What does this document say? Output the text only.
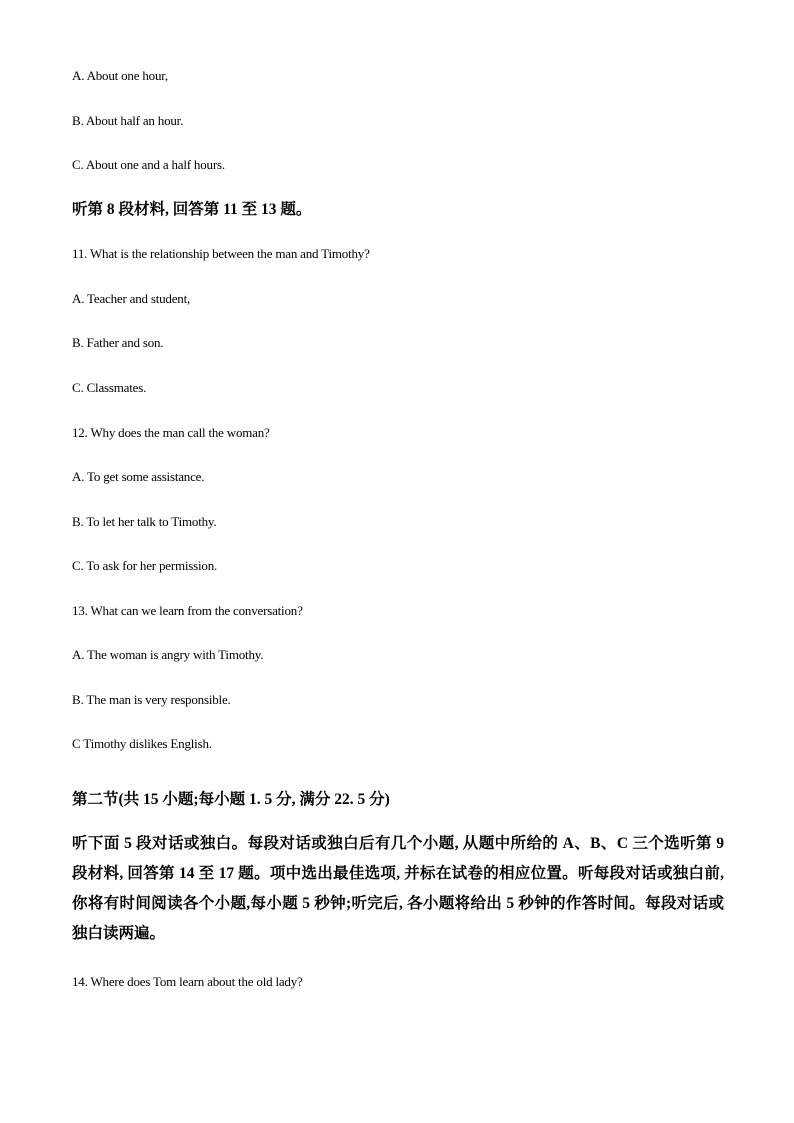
A. About one hour,
B. About half an hour.
C. About one and a half hours.
听第 8 段材料, 回答第 11 至 13 题。
11. What is the relationship between the man and Timothy?
A. Teacher and student,
B. Father and son.
C. Classmates.
12. Why does the man call the woman?
A. To get some assistance.
B. To let her talk to Timothy.
C. To ask for her permission.
13. What can we learn from the conversation?
A. The woman is angry with Timothy.
B. The man is very responsible.
C Timothy dislikes English.
第二节(共 15 小题;每小题 1. 5 分, 满分 22. 5 分)
听下面 5 段对话或独白。每段对话或独白后有几个小题, 从题中所给的 A、B、C 三个选听第 9 段材料, 回答第 14 至 17 题。项中选出最佳选项, 并标在试卷的相应位置。听每段对话或独白前, 你将有时间阅读各个小题,每小题 5 秒钟;听完后, 各小题将给出 5 秒钟的作答时间。每段对话或独白读两遍。
14. Where does Tom learn about the old lady?
